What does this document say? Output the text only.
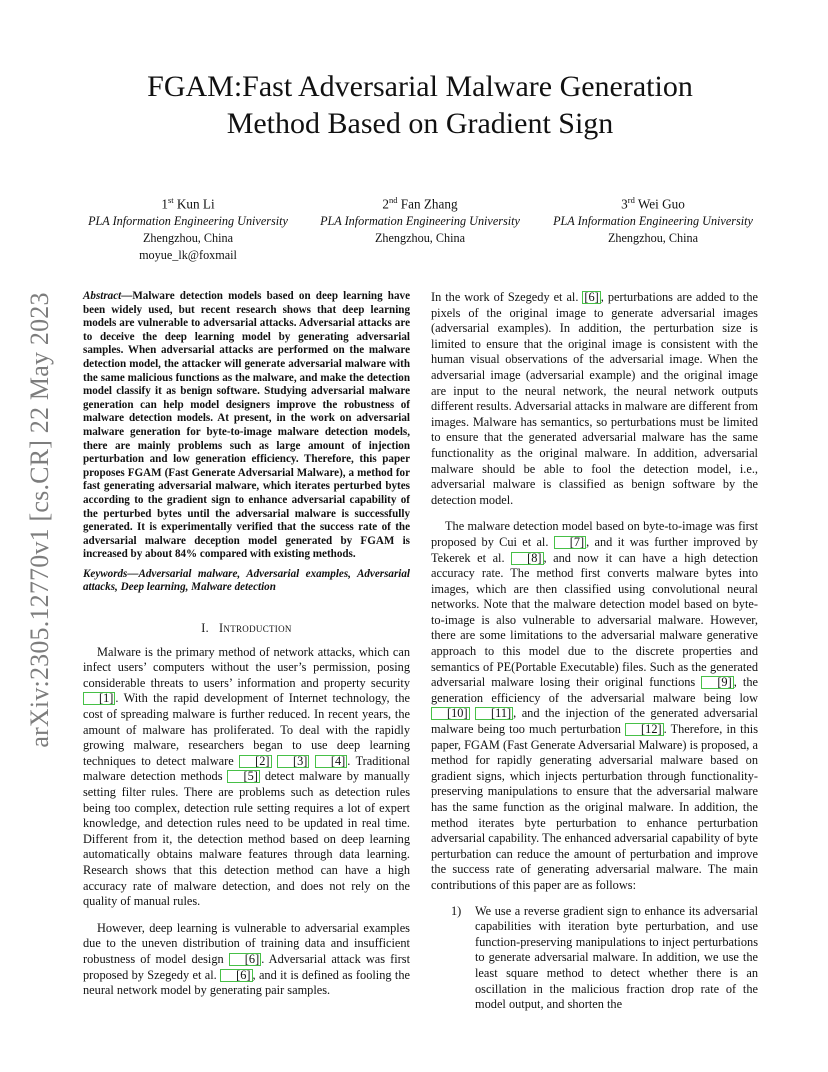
arXiv:2305.12770v1 [cs.CR] 22 May 2023
FGAM:Fast Adversarial Malware Generation Method Based on Gradient Sign
1st Kun Li
PLA Information Engineering University
Zhengzhou, China
moyue_lk@foxmail
2nd Fan Zhang
PLA Information Engineering University
Zhengzhou, China
3rd Wei Guo
PLA Information Engineering University
Zhengzhou, China

Abstract—Malware detection models based on deep learning have been widely used, but recent research shows that deep learning models are vulnerable to adversarial attacks. Adversarial attacks are to deceive the deep learning model by generating adversarial samples. When adversarial attacks are performed on the malware detection model, the attacker will generate adversarial malware with the same malicious functions as the malware, and make the detection model classify it as benign software. Studying adversarial malware generation can help model designers improve the robustness of malware detection models. At present, in the work on adversarial malware generation for byte-to-image malware detection models, there are mainly problems such as large amount of injection perturbation and low generation efficiency. Therefore, this paper proposes FGAM (Fast Generate Adversarial Malware), a method for fast generating adversarial malware, which iterates perturbed bytes according to the gradient sign to enhance adversarial capability of the perturbed bytes until the adversarial malware is successfully generated. It is experimentally verified that the success rate of the adversarial malware deception model generated by FGAM is increased by about 84% compared with existing methods.

Keywords—Adversarial malware, Adversarial examples, Adversarial attacks, Deep learning, Malware detection

I. Introduction

Malware is the primary method of network attacks, which can infect users’ computers without the user’s permission, posing considerable threats to users’ information and property security [1] . With the rapid development of Internet technology, the cost of spreading malware is further reduced. In recent years, the amount of malware has proliferated. To deal with the rapidly growing malware, researchers began to use deep learning techniques to detect malware [2] [3] [4] . Traditional malware detection methods [5] detect malware by manually setting filter rules. There are problems such as detection rules being too complex, detection rule setting requires a lot of expert knowledge, and detection rules need to be updated in real time. Different from it, the detection method based on deep learning automatically obtains malware features through data learning. Research shows that this detection method can have a high accuracy rate of malware detection, and does not rely on the quality of manual rules.

However, deep learning is vulnerable to adversarial examples due to the uneven distribution of training data and insufficient robustness of model design [6] . Adversarial attack was first proposed by Szegedy et al. [6] , and it is defined as fooling the neural network model by generating pair samples.

In the work of Szegedy et al. [6] , perturbations are added to the pixels of the original image to generate adversarial images (adversarial examples). In addition, the perturbation size is limited to ensure that the original image is consistent with the human visual observations of the adversarial image. When the adversarial image (adversarial example) and the original image are input to the neural network, the neural network outputs different results. Adversarial attacks in malware are different from images. Malware has semantics, so perturbations must be limited to ensure that the generated adversarial malware has the same functionality as the original malware. In addition, adversarial malware should be able to fool the detection model, i.e., adversarial malware is classified as benign software by the detection model.

The malware detection model based on byte-to-image was first proposed by Cui et al. [7] , and it was further improved by Tekerek et al. [8] , and now it can have a high detection accuracy rate. The method first converts malware bytes into images, which are then classified using convolutional neural networks. Note that the malware detection model based on byte-to-image is also vulnerable to adversarial malware. However, there are some limitations to the adversarial malware generative approach to this model due to the discrete properties and semantics of PE(Portable Executable) files. Such as the generated adversarial malware losing their original functions [9] , the generation efficiency of the adversarial malware being low [10] [11] , and the injection of the generated adversarial malware being too much perturbation [12] . Therefore, in this paper, FGAM (Fast Generate Adversarial Malware) is proposed, a method for rapidly generating adversarial malware based on gradient signs, which injects perturbation through functionality-preserving manipulations to ensure that the adversarial malware has the same function as the original malware. In addition, the method iterates byte perturbation to enhance perturbation adversarial capability. The enhanced adversarial capability of byte perturbation can reduce the amount of perturbation and improve the success rate of generating adversarial malware. The main contributions of this paper are as follows:

1)	We use a reverse gradient sign to enhance its adversarial capabilities with iteration byte perturbation, and use function-preserving manipulations to inject perturbations to generate adversarial malware. In addition, we use the least square method to detect whether there is an oscillation in the malicious fraction drop rate of the model output, and shorten the
